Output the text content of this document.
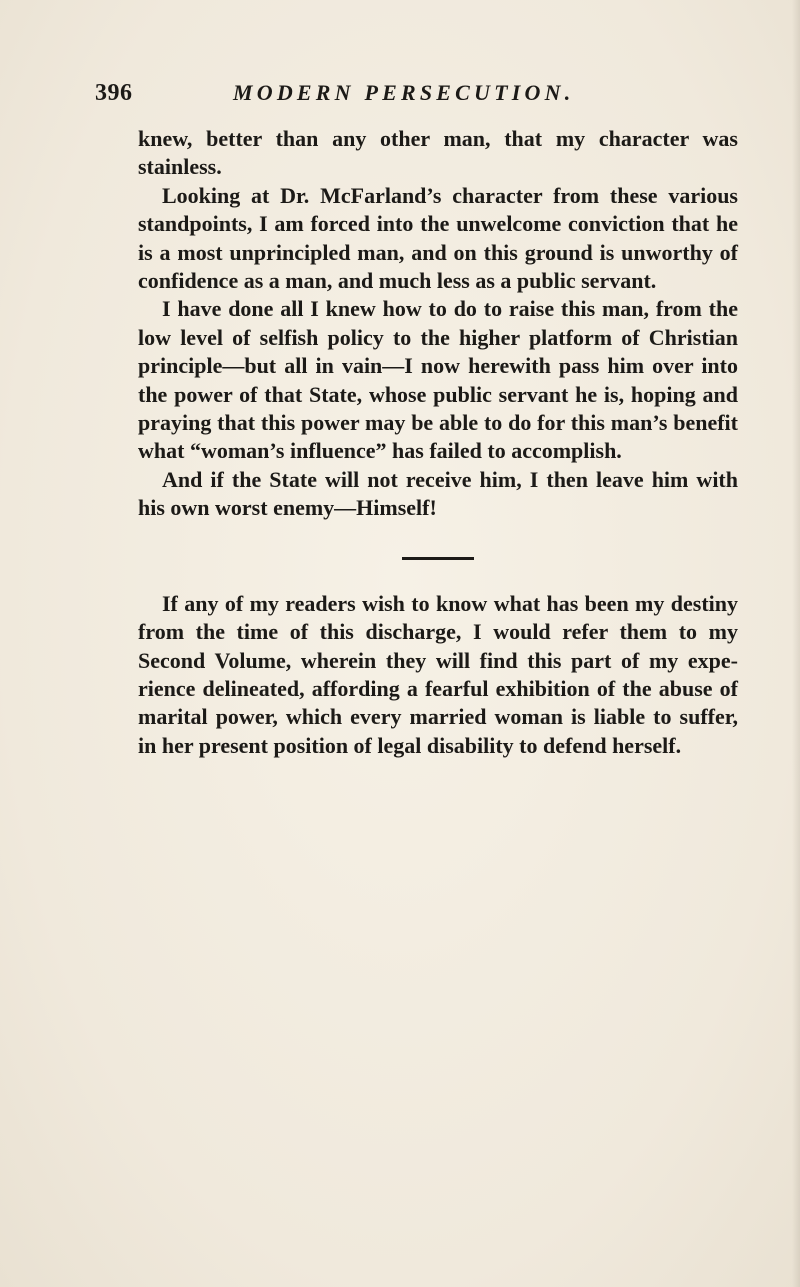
396	MODERN PERSECUTION.

knew, better than any other man, that my character was stainless.

Looking at Dr. McFarland’s character from these various standpoints, I am forced into the unwelcome conviction that he is a most unprincipled man, and on this ground is unworthy of confidence as a man, and much less as a public servant.

I have done all I knew how to do to raise this man, from the low level of selfish policy to the higher platform of Christian principle—but all in vain—I now herewith pass him over into the power of that State, whose public servant he is, hoping and praying that this power may be able to do for this man’s benefit what “woman’s influence” has failed to accomplish.

And if the State will not receive him, I then leave him with his own worst enemy—Himself!

If any of my readers wish to know what has been my destiny from the time of this discharge, I would refer them to my Second Volume, wherein they will find this part of my experience delineated, affording a fearful exhibition of the abuse of marital power, which every married woman is liable to suffer, in her present position of legal disability to defend herself.
